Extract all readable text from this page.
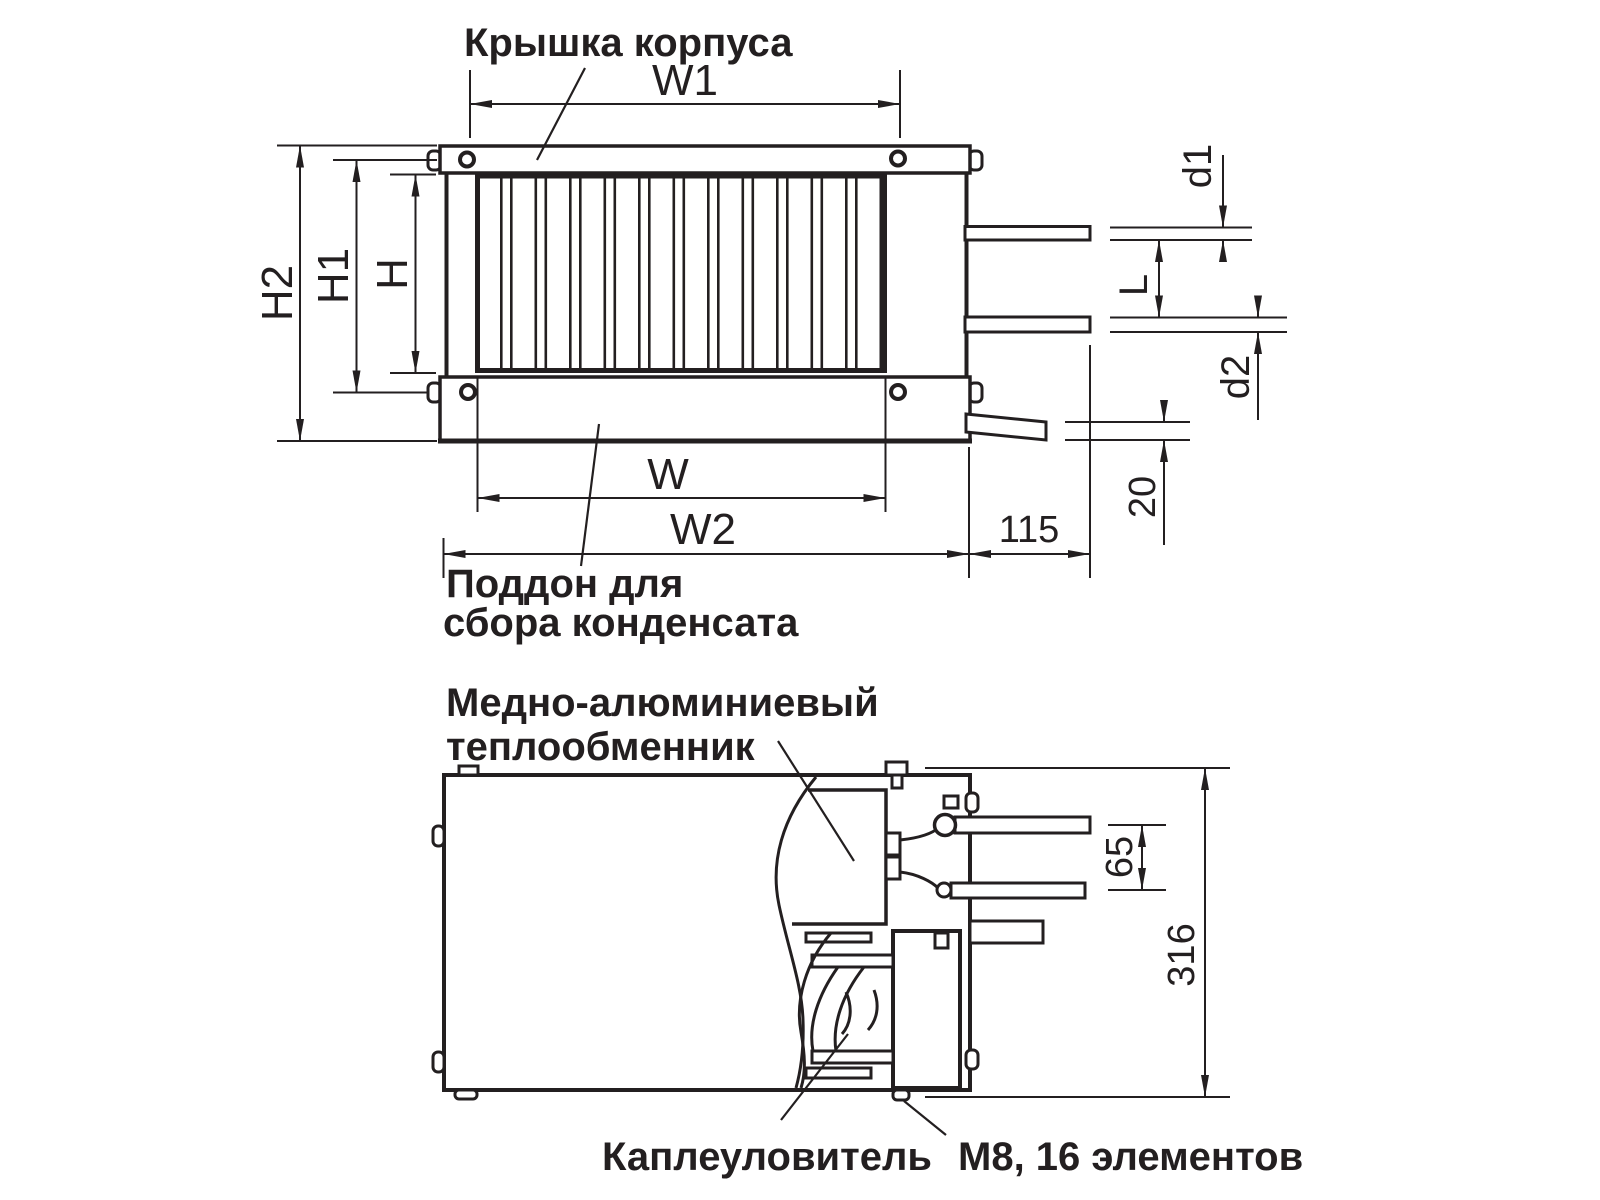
W1
H2 H1 H
W
W2	115
d1
L
d2
20
Крышка корпуса
Поддон для
сбора конденсата
65
316
Медно-алюминиевый
теплообменник
Каплеуловитель М8, 16 элементов
